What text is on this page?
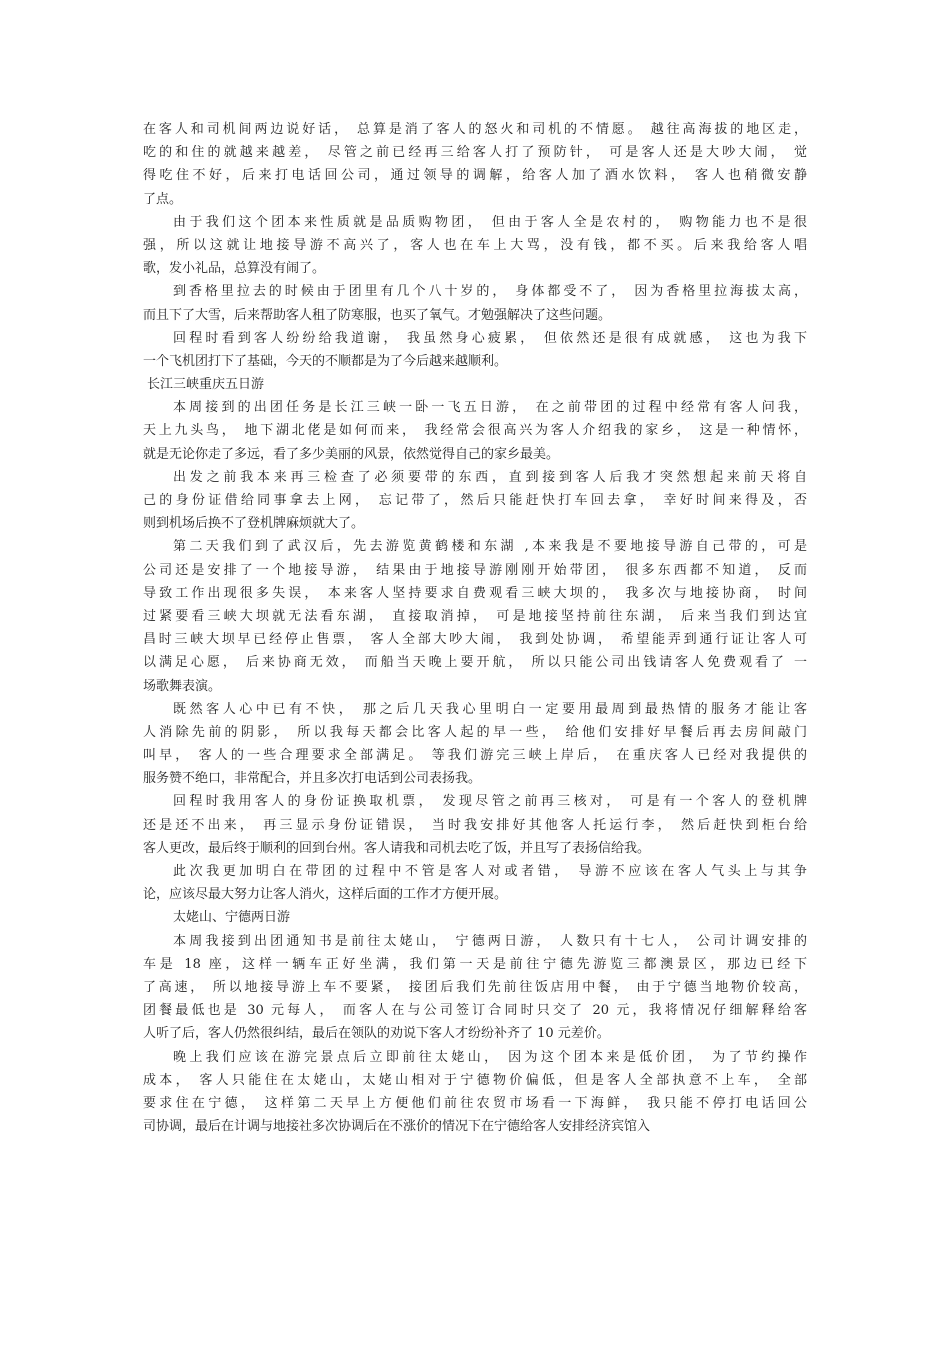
在客人和司机间两边说好话， 总算是消了客人的怒火和司机的不情愿。 越往高海拔的地区走，
吃的和住的就越来越差， 尽管之前已经再三给客人打了预防针， 可是客人还是大吵大闹， 觉
得吃住不好，后来打电话回公司，通过领导的调解，给客人加了酒水饮料， 客人也稍微安静
了点。
由于我们这个团本来性质就是品质购物团， 但由于客人全是农村的， 购物能力也不是很
强，所以这就让地接导游不高兴了，客人也在车上大骂，没有钱，都不买。后来我给客人唱
歌，发小礼品，总算没有闹了。
到香格里拉去的时候由于团里有几个八十岁的， 身体都受不了， 因为香格里拉海拔太高，
而且下了大雪，后来帮助客人租了防寒服，也买了氧气。才勉强解决了这些问题。
回程时看到客人纷纷给我道谢， 我虽然身心疲累， 但依然还是很有成就感， 这也为我下
一个飞机团打下了基础，今天的不顺都是为了今后越来越顺利。
长江三峡重庆五日游
本周接到的出团任务是长江三峡一卧一飞五日游， 在之前带团的过程中经常有客人问我，
天上九头鸟， 地下湖北佬是如何而来， 我经常会很高兴为客人介绍我的家乡， 这是一种情怀，
就是无论你走了多远，看了多少美丽的风景，依然觉得自己的家乡最美。
出发之前我本来再三检查了必须要带的东西，直到接到客人后我才突然想起来前天将自
己的身份证借给同事拿去上网， 忘记带了，然后只能赶快打车回去拿， 幸好时间来得及，否
则到机场后换不了登机牌麻烦就大了。
第二天我们到了武汉后，先去游览黄鹤楼和东湖 ,本来我是不要地接导游自己带的，可是
公司还是安排了一个地接导游， 结果由于地接导游刚刚开始带团， 很多东西都不知道， 反而
导致工作出现很多失误， 本来客人坚持要求自费观看三峡大坝的， 我多次与地接协商， 时间
过紧要看三峡大坝就无法看东湖， 直接取消掉， 可是地接坚持前往东湖， 后来当我们到达宜
昌时三峡大坝早已经停止售票， 客人全部大吵大闹， 我到处协调， 希望能弄到通行证让客人可
以满足心愿， 后来协商无效， 而船当天晚上要开航， 所以只能公司出钱请客人免费观看了 一
场歌舞表演。
既然客人心中已有不快， 那之后几天我心里明白一定要用最周到最热情的服务才能让客
人消除先前的阴影， 所以我每天都会比客人起的早一些， 给他们安排好早餐后再去房间敲门
叫早， 客人的一些合理要求全部满足。 等我们游完三峡上岸后， 在重庆客人已经对我提供的
服务赞不绝口，非常配合，并且多次打电话到公司表扬我。
回程时我用客人的身份证换取机票， 发现尽管之前再三核对， 可是有一个客人的登机牌
还是还不出来， 再三显示身份证错误， 当时我安排好其他客人托运行李， 然后赶快到柜台给
客人更改，最后终于顺利的回到台州。客人请我和司机去吃了饭，并且写了表扬信给我。
此次我更加明白在带团的过程中不管是客人对或者错， 导游不应该在客人气头上与其争
论，应该尽最大努力让客人消火，这样后面的工作才方便开展。
太姥山、宁德两日游
本周我接到出团通知书是前往太姥山， 宁德两日游， 人数只有十七人， 公司计调安排的
车是 18 座，这样一辆车正好坐满，我们第一天是前往宁德先游览三都澳景区，那边已经下
了高速， 所以地接导游上车不要紧， 接团后我们先前往饭店用中餐， 由于宁德当地物价较高，
团餐最低也是 30 元每人， 而客人在与公司签订合同时只交了 20 元，我将情况仔细解释给客
人听了后，客人仍然很纠结，最后在领队的劝说下客人才纷纷补齐了 10 元差价。
晚上我们应该在游完景点后立即前往太姥山， 因为这个团本来是低价团， 为了节约操作
成本， 客人只能住在太姥山，太姥山相对于宁德物价偏低，但是客人全部执意不上车， 全部
要求住在宁德， 这样第二天早上方便他们前往农贸市场看一下海鲜， 我只能不停打电话回公
司协调，最后在计调与地接社多次协调后在不涨价的情况下在宁德给客人安排经济宾馆入
